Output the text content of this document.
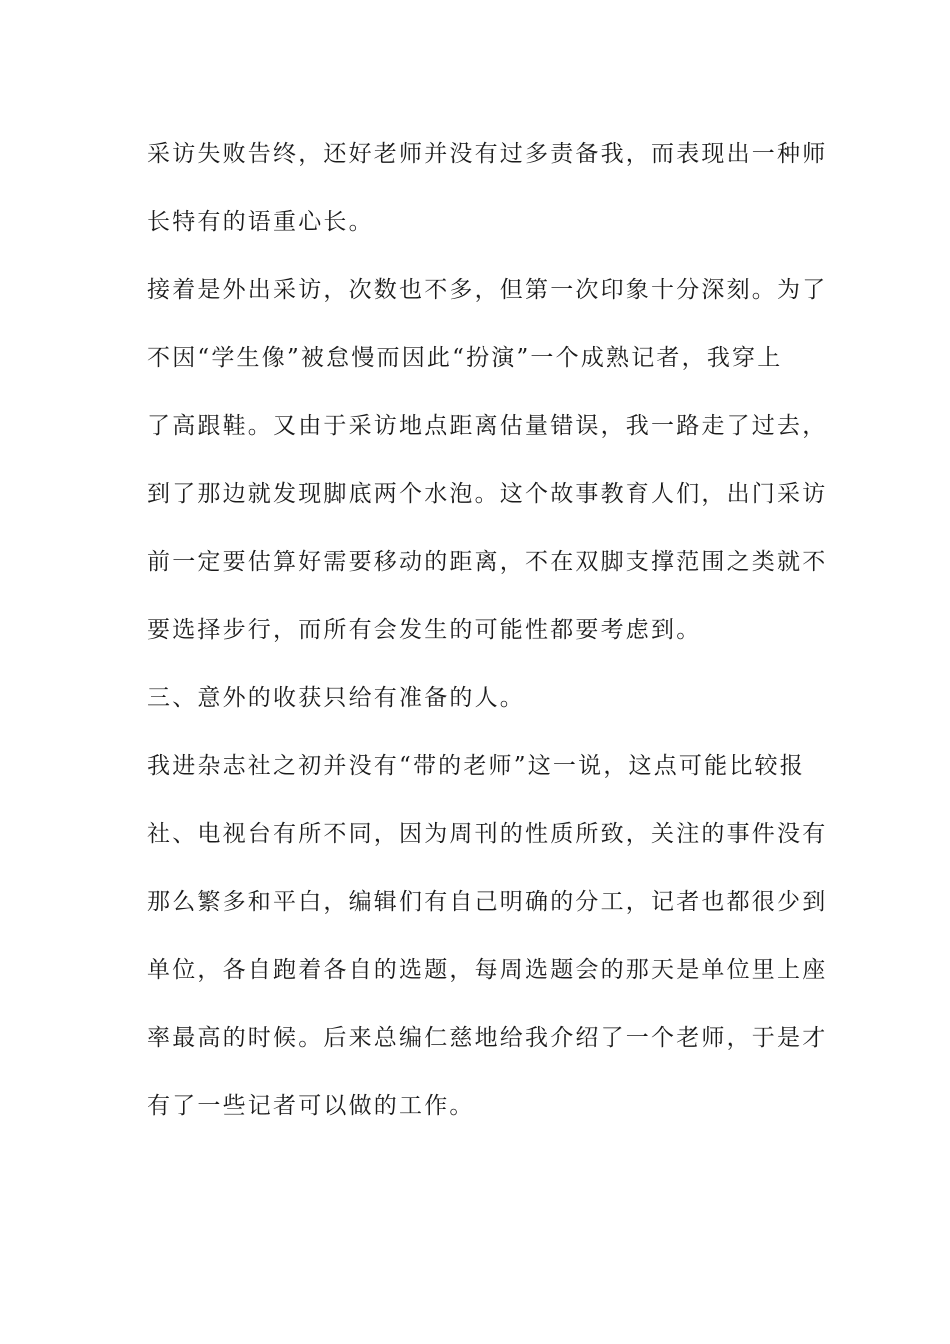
采访失败告终，还好老师并没有过多责备我，而表现出一种师
长特有的语重心长。
接着是外出采访，次数也不多，但第一次印象十分深刻。为了
不因“学生像”被怠慢而因此“扮演”一个成熟记者，我穿上
了高跟鞋。又由于采访地点距离估量错误，我一路走了过去，
到了那边就发现脚底两个水泡。这个故事教育人们，出门采访
前一定要估算好需要移动的距离，不在双脚支撑范围之类就不
要选择步行，而所有会发生的可能性都要考虑到。
三、意外的收获只给有准备的人。
我进杂志社之初并没有“带的老师”这一说，这点可能比较报
社、电视台有所不同，因为周刊的性质所致，关注的事件没有
那么繁多和平白，编辑们有自己明确的分工，记者也都很少到
单位，各自跑着各自的选题，每周选题会的那天是单位里上座
率最高的时候。后来总编仁慈地给我介绍了一个老师，于是才
有了一些记者可以做的工作。
